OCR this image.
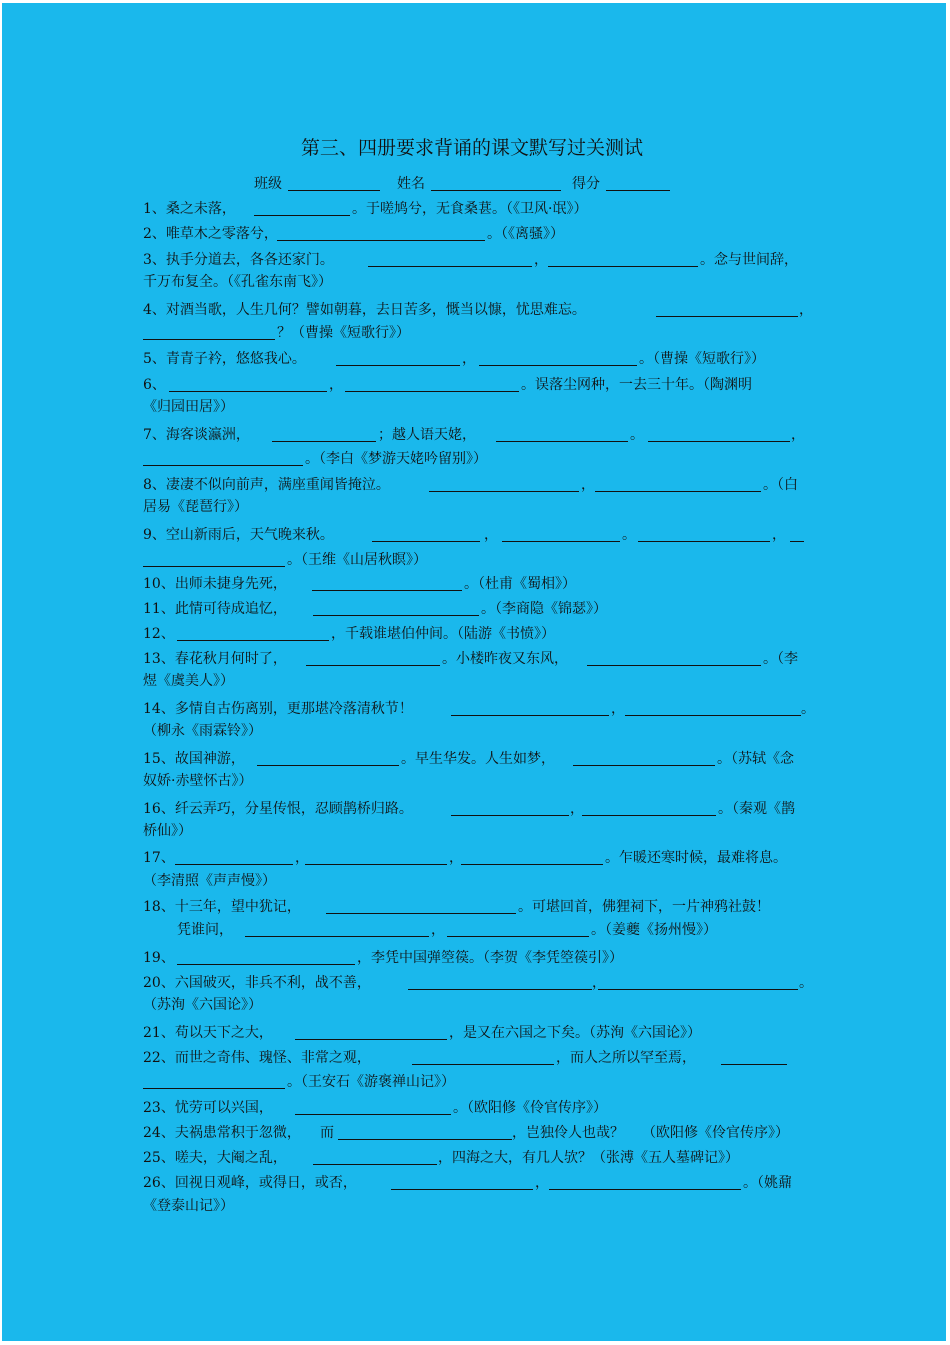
第三、四册要求背诵的课文默写过关测试
班级	姓名	得分
1、桑之未落，	。于嗟鸠兮，无食桑葚。（《卫风·氓》）
2、唯草木之零落兮，	。（《离骚》）
3、执手分道去，各各还家门。	，	。念与世间辞，
千万布复全。（《孔雀东南飞》）
4、对酒当歌，人生几何？譬如朝暮，去日苦多，慨当以慷，忧思难忘。	，
？（曹操《短歌行》）
5、青青子衿，悠悠我心。	，	。（曹操《短歌行》）
6、	，	。误落尘网种，一去三十年。（陶渊明
《归园田居》）
7、海客谈瀛洲，	；越人语天姥，	。	，
。（李白《梦游天姥吟留别》）
8、凄凄不似向前声，满座重闻皆掩泣。	，	。（白
居易《琵琶行》）
9、空山新雨后，天气晚来秋。	，	。	，
。（王维《山居秋瞑》）
10、出师未捷身先死，	。（杜甫《蜀相》）
11、此情可待成追忆，	。（李商隐《锦瑟》）
12、	，千载谁堪伯仲间。（陆游《书愤》）
13、春花秋月何时了，	。小楼昨夜又东风，	。（李
煜《虞美人》）
14、多情自古伤离别，更那堪冷落清秋节！	，	。
（柳永《雨霖铃》）
15、故国神游，	。早生华发。人生如梦，	。（苏轼《念
奴娇·赤壁怀古》）
16、纤云弄巧，分星传恨，忍顾鹊桥归路。	，	。（秦观《鹊
桥仙》）
17、	，	，	。乍暖还寒时候，最难将息。
（李清照《声声慢》）
18、十三年，望中犹记，	。可堪回首，佛狸祠下，一片神鸦社鼓！
凭谁问，	，	。（姜夔《扬州慢》）
19、	，李凭中国弹箜篌。（李贺《李凭箜篌引》）
20、六国破灭，非兵不利，战不善，	，	。
（苏洵《六国论》）
21、苟以天下之大，	，是又在六国之下矣。（苏洵《六国论》）
22、而世之奇伟、瑰怪、非常之观，	，而人之所以罕至焉，
。（王安石《游褒禅山记》）
23、忧劳可以兴国，	。（欧阳修《伶官传序》）
24、夫祸患常积于忽微， 而	，岂独伶人也哉？ （欧阳修《伶官传序》）
25、嗟夫，大阉之乱，	，四海之大，有几人欤？（张溥《五人墓碑记》）
26、回视日观峰，或得日，或否，	，	。（姚鼐
《登泰山记》）
